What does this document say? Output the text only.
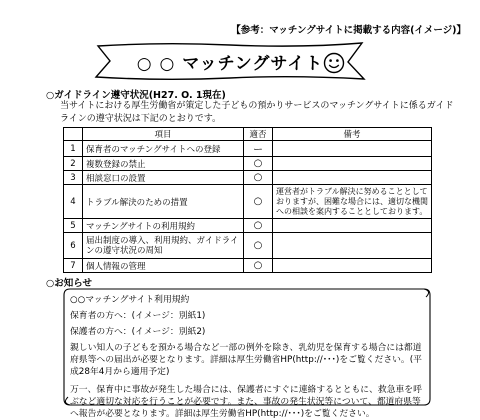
【参考：マッチングサイトに掲載する内容(イメージ)】
○ ○ マッチングサイト
○ガイドライン遵守状況(H27. O. 1現在)
当サイトにおける厚生労働省が策定した子どもの預かりサービスのマッチングサイトに係るガイドラインの遵守状況は下記のとおりです。
	項目	適否	備考
1	保育者のマッチングサイトへの登録	ー	
2	複数登録の禁止	○	
3	相談窓口の設置	○	
4	トラブル解決のための措置	○	運営者がトラブル解決に努めることとしておりますが、困難な場合には、適切な機関への相談を案内することとしております。
5	マッチングサイトの利用規約	○	
6	届出制度の導入、利用規約、ガイドラインの遵守状況の周知	○	
7	個人情報の管理	○	
○お知らせ

○○マッチングサイト利用規約

保育者の方へ：(イメージ：別紙1)

保護者の方へ：(イメージ：別紙2)

親しい知人の子どもを預かる場合など一部の例外を除き、乳幼児を保育する場合には都道府県等への届出が必要となります。詳細は厚生労働省HP(http://･･･)をご覧ください。(平成28年4月から適用予定)

万一、保育中に事故が発生した場合には、保護者にすぐに連絡するとともに、救急車を呼ぶなど適切な対応を行うことが必要です。また、事故の発生状況等について、都道府県等へ報告が必要となります。詳細は厚生労働省HP(http://･･･)をご覧ください。
